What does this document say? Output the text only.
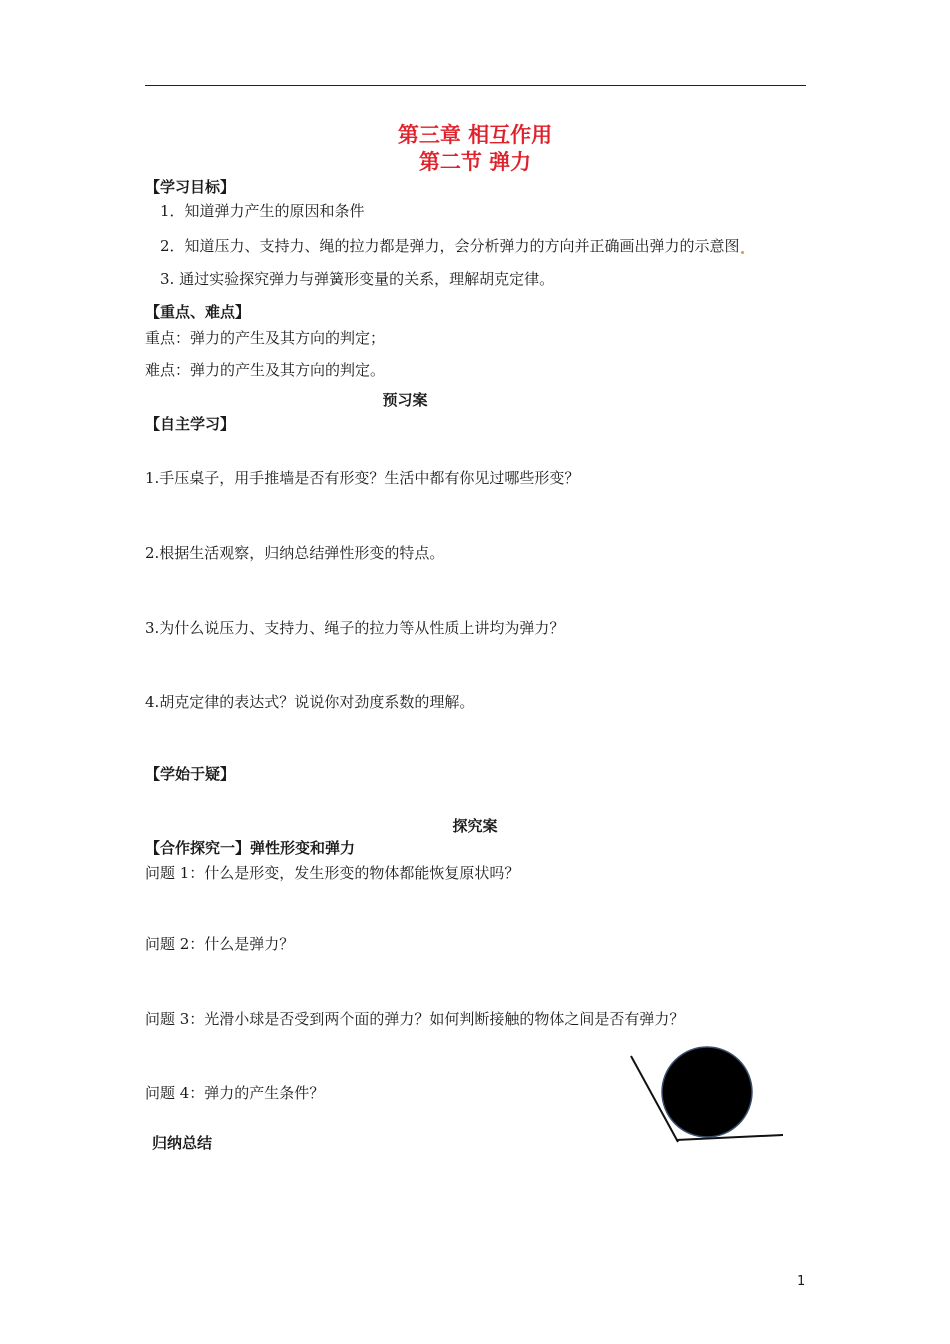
第三章 相互作用
第二节 弹力
【学习目标】
1．知道弹力产生的原因和条件
2．知道压力、支持力、绳的拉力都是弹力，会分析弹力的方向并正确画出弹力的示意图
3. 通过实验探究弹力与弹簧形变量的关系，理解胡克定律。
【重点、难点】
重点：弹力的产生及其方向的判定；
难点：弹力的产生及其方向的判定。
预习案
【自主学习】
1.手压桌子，用手推墙是否有形变？生活中都有你见过哪些形变？
2.根据生活观察，归纳总结弹性形变的特点。
3.为什么说压力、支持力、绳子的拉力等从性质上讲均为弹力？
4.胡克定律的表达式？说说你对劲度系数的理解。
【学始于疑】
探究案
【合作探究一】弹性形变和弹力
问题 1：什么是形变，发生形变的物体都能恢复原状吗？
问题 2：什么是弹力？
问题 3：光滑小球是否受到两个面的弹力？如何判断接触的物体之间是否有弹力？
问题 4：弹力的产生条件？
归纳总结
1
